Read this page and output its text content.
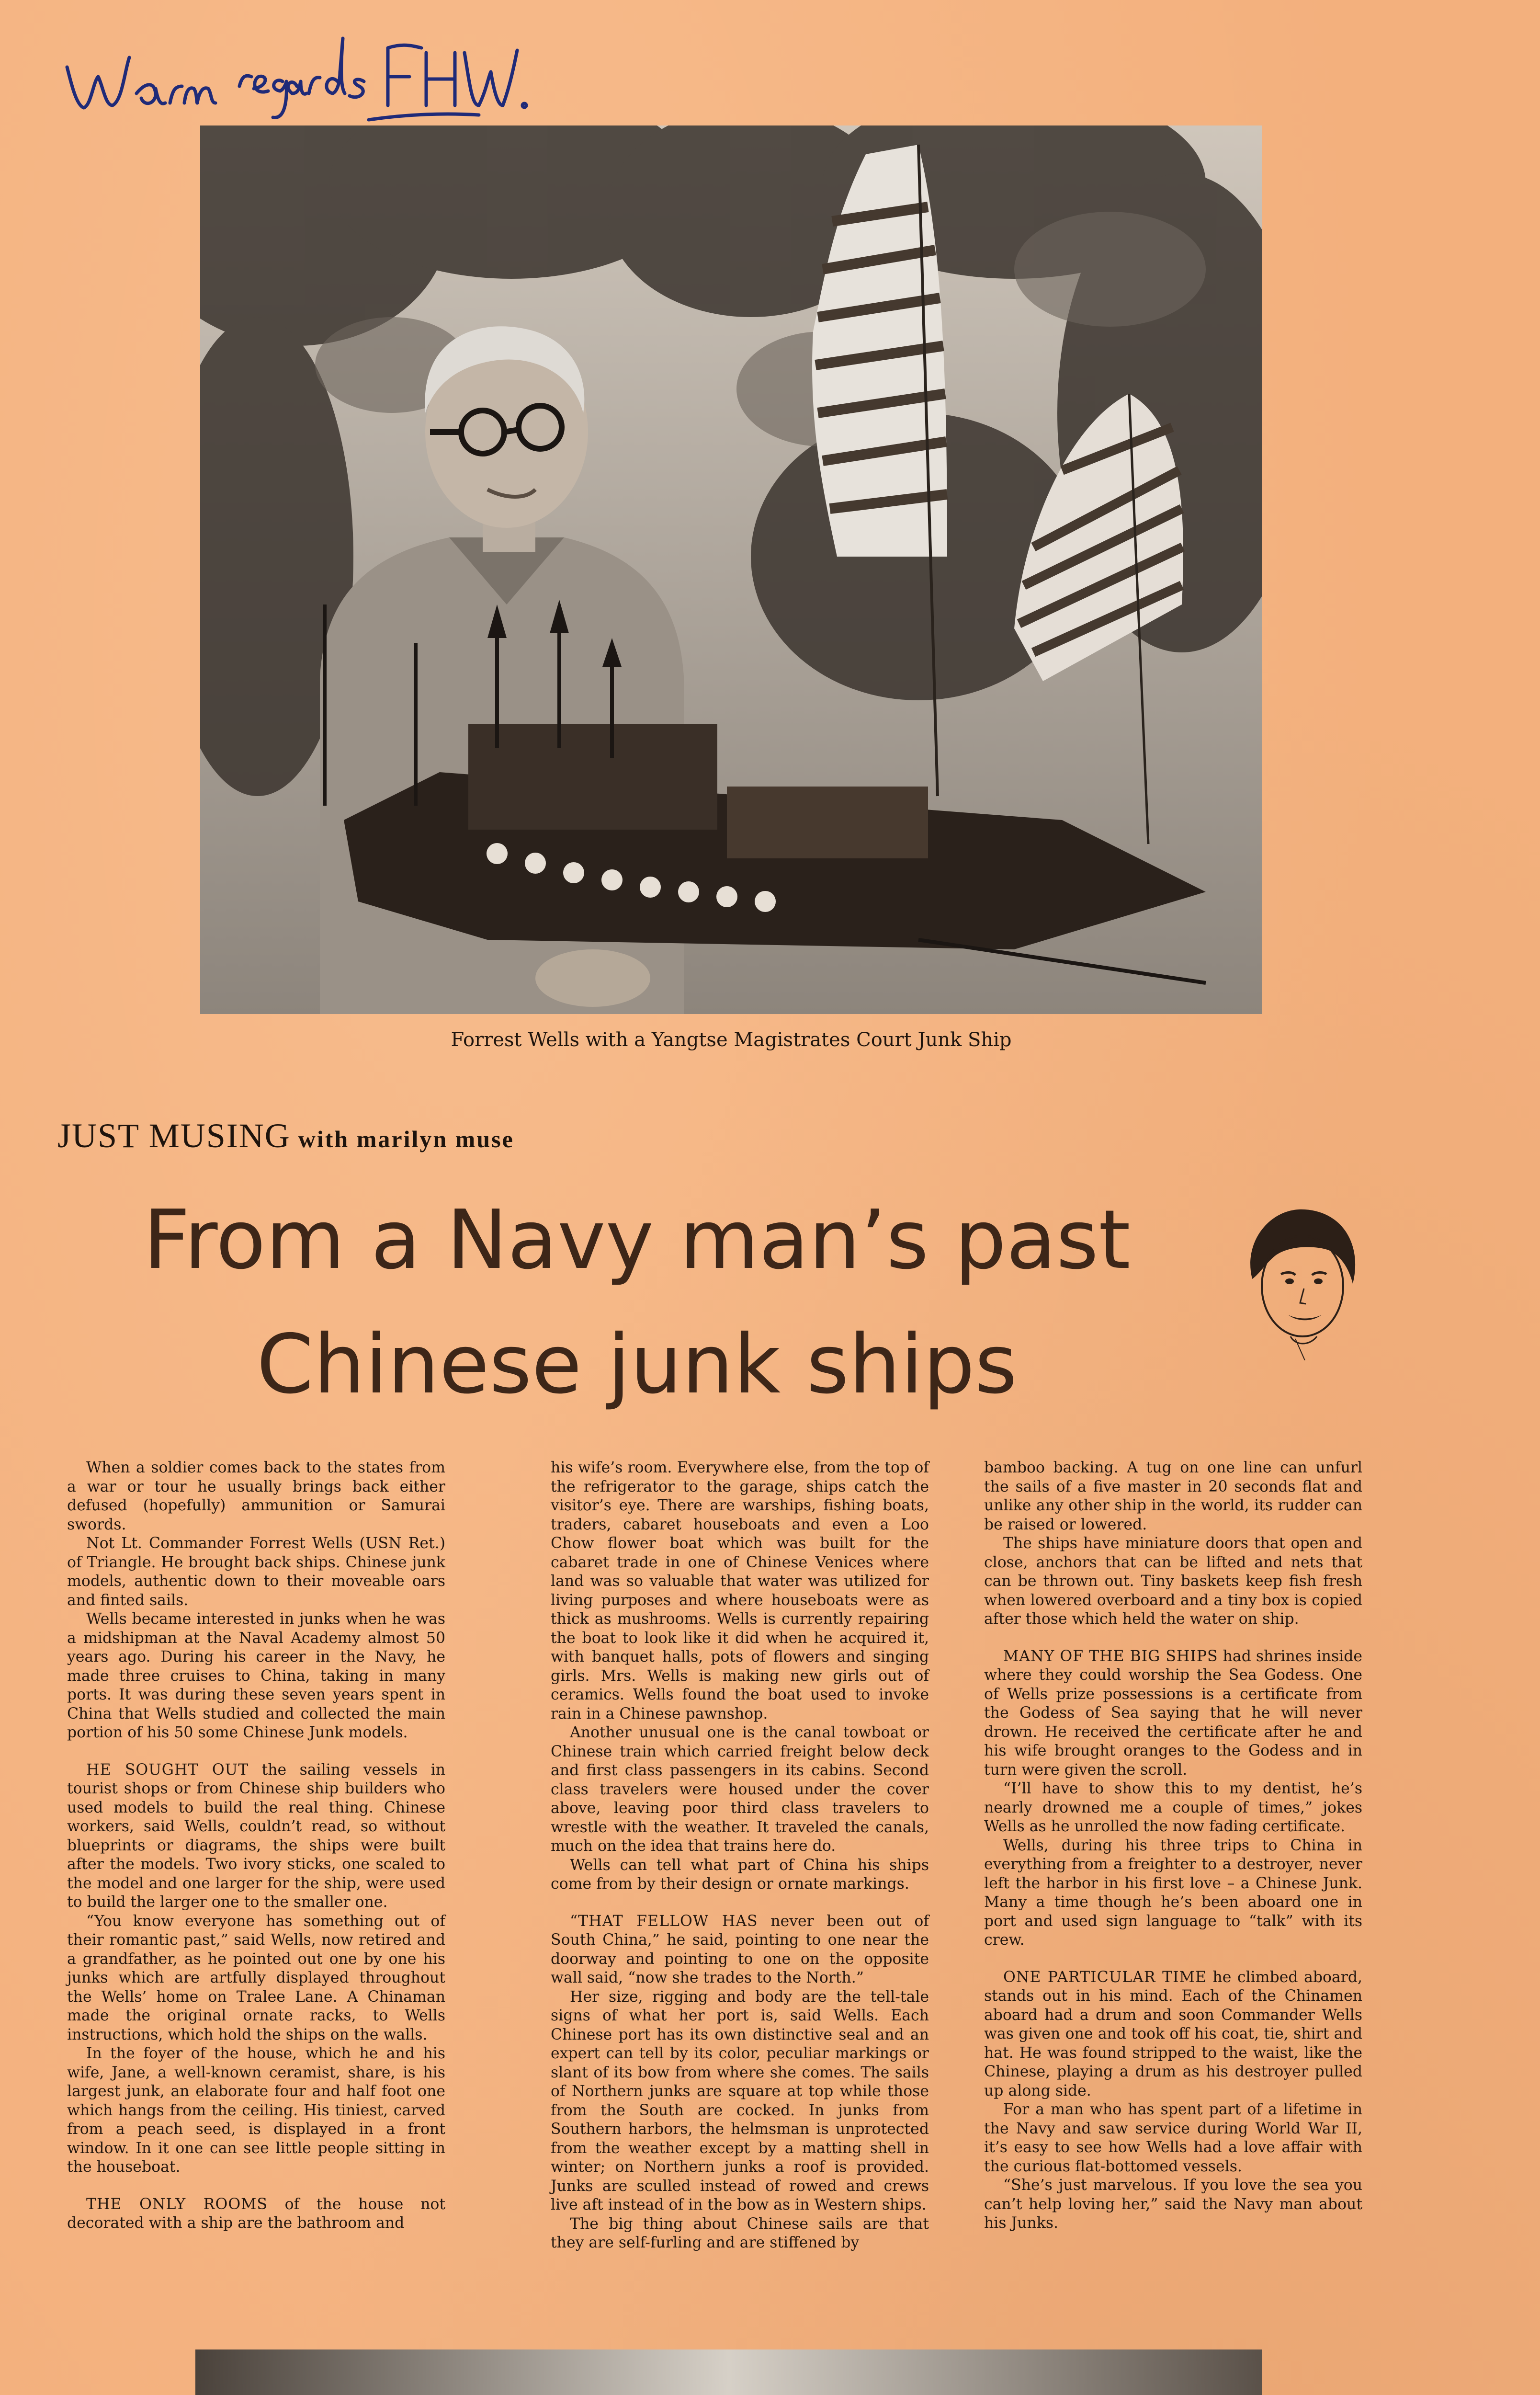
Forrest Wells with a Yangtse Magistrates Court Junk Ship
JUST MUSING with marilyn muse
From a Navy man’s past
Chinese junk ships

When a soldier comes back to the states from a war or tour he usually brings back either defused (hopefully) ammunition or Samurai swords.

Not Lt. Commander Forrest Wells (USN Ret.) of Triangle. He brought back ships. Chinese junk models, authentic down to their moveable oars and finted sails.

Wells became interested in junks when he was a midshipman at the Naval Academy almost 50 years ago. During his career in the Navy, he made three cruises to China, taking in many ports. It was during these seven years spent in China that Wells studied and collected the main portion of his 50 some Chinese Junk models.

HE SOUGHT OUT the sailing vessels in tourist shops or from Chinese ship builders who used models to build the real thing. Chinese workers, said Wells, couldn’t read, so without blueprints or diagrams, the ships were built after the models. Two ivory sticks, one scaled to the model and one larger for the ship, were used to build the larger one to the smaller one.

“You know everyone has something out of their romantic past,” said Wells, now retired and a grandfather, as he pointed out one by one his junks which are artfully displayed throughout the Wells’ home on Tralee Lane. A Chinaman made the original ornate racks, to Wells instructions, which hold the ships on the walls.

In the foyer of the house, which he and his wife, Jane, a well-known ceramist, share, is his largest junk, an elaborate four and half foot one which hangs from the ceiling. His tiniest, carved from a peach seed, is displayed in a front window. In it one can see little people sitting in the houseboat.

THE ONLY ROOMS of the house not decorated with a ship are the bathroom and

his wife’s room. Everywhere else, from the top of the refrigerator to the garage, ships catch the visitor’s eye. There are warships, fishing boats, traders, cabaret houseboats and even a Loo Chow flower boat which was built for the cabaret trade in one of Chinese Venices where land was so valuable that water was utilized for living purposes and where houseboats were as thick as mushrooms. Wells is currently repairing the boat to look like it did when he acquired it, with banquet halls, pots of flowers and singing girls. Mrs. Wells is making new girls out of ceramics. Wells found the boat used to invoke rain in a Chinese pawnshop.

Another unusual one is the canal towboat or Chinese train which carried freight below deck and first class passengers in its cabins. Second class travelers were housed under the cover above, leaving poor third class travelers to wrestle with the weather. It traveled the canals, much on the idea that trains here do.

Wells can tell what part of China his ships come from by their design or ornate markings.

“THAT FELLOW HAS never been out of South China,” he said, pointing to one near the doorway and pointing to one on the opposite wall said, “now she trades to the North.”

Her size, rigging and body are the tell-tale signs of what her port is, said Wells. Each Chinese port has its own distinctive seal and an expert can tell by its color, peculiar markings or slant of its bow from where she comes. The sails of Northern junks are square at top while those from the South are cocked. In junks from Southern harbors, the helmsman is unprotected from the weather except by a matting shell in winter; on Northern junks a roof is provided. Junks are sculled instead of rowed and crews live aft instead of in the bow as in Western ships.

The big thing about Chinese sails are that they are self-furling and are stiffened by

bamboo backing. A tug on one line can unfurl the sails of a five master in 20 seconds flat and unlike any other ship in the world, its rudder can be raised or lowered.

The ships have miniature doors that open and close, anchors that can be lifted and nets that can be thrown out. Tiny baskets keep fish fresh when lowered overboard and a tiny box is copied after those which held the water on ship.

MANY OF THE BIG SHIPS had shrines inside where they could worship the Sea Godess. One of Wells prize possessions is a certificate from the Godess of Sea saying that he will never drown. He received the certificate after he and his wife brought oranges to the Godess and in turn were given the scroll.

“I’ll have to show this to my dentist, he’s nearly drowned me a couple of times,” jokes Wells as he unrolled the now fading certificate.

Wells, during his three trips to China in everything from a freighter to a destroyer, never left the harbor in his first love – a Chinese Junk. Many a time though he’s been aboard one in port and used sign language to “talk” with its crew.

ONE PARTICULAR TIME he climbed aboard, stands out in his mind. Each of the Chinamen aboard had a drum and soon Commander Wells was given one and took off his coat, tie, shirt and hat. He was found stripped to the waist, like the Chinese, playing a drum as his destroyer pulled up along side.

For a man who has spent part of a lifetime in the Navy and saw service during World War II, it’s easy to see how Wells had a love affair with the curious flat-bottomed vessels.

“She’s just marvelous. If you love the sea you can’t help loving her,” said the Navy man about his Junks.
